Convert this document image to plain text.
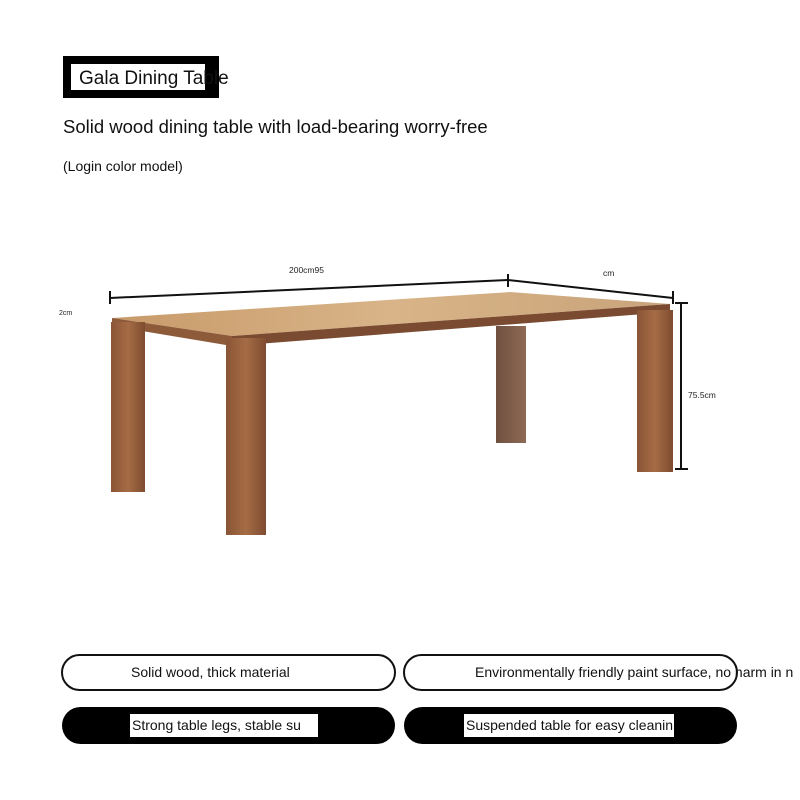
Gala Dining Table
Solid wood dining table with load-bearing worry-free
(Login color model)
200cm95	cm
2cm
75.5cm
Solid wood, thick material	Environmentally friendly paint surface, no harm in n
Strong table legs, stable su	Suspended table for easy cleanin
